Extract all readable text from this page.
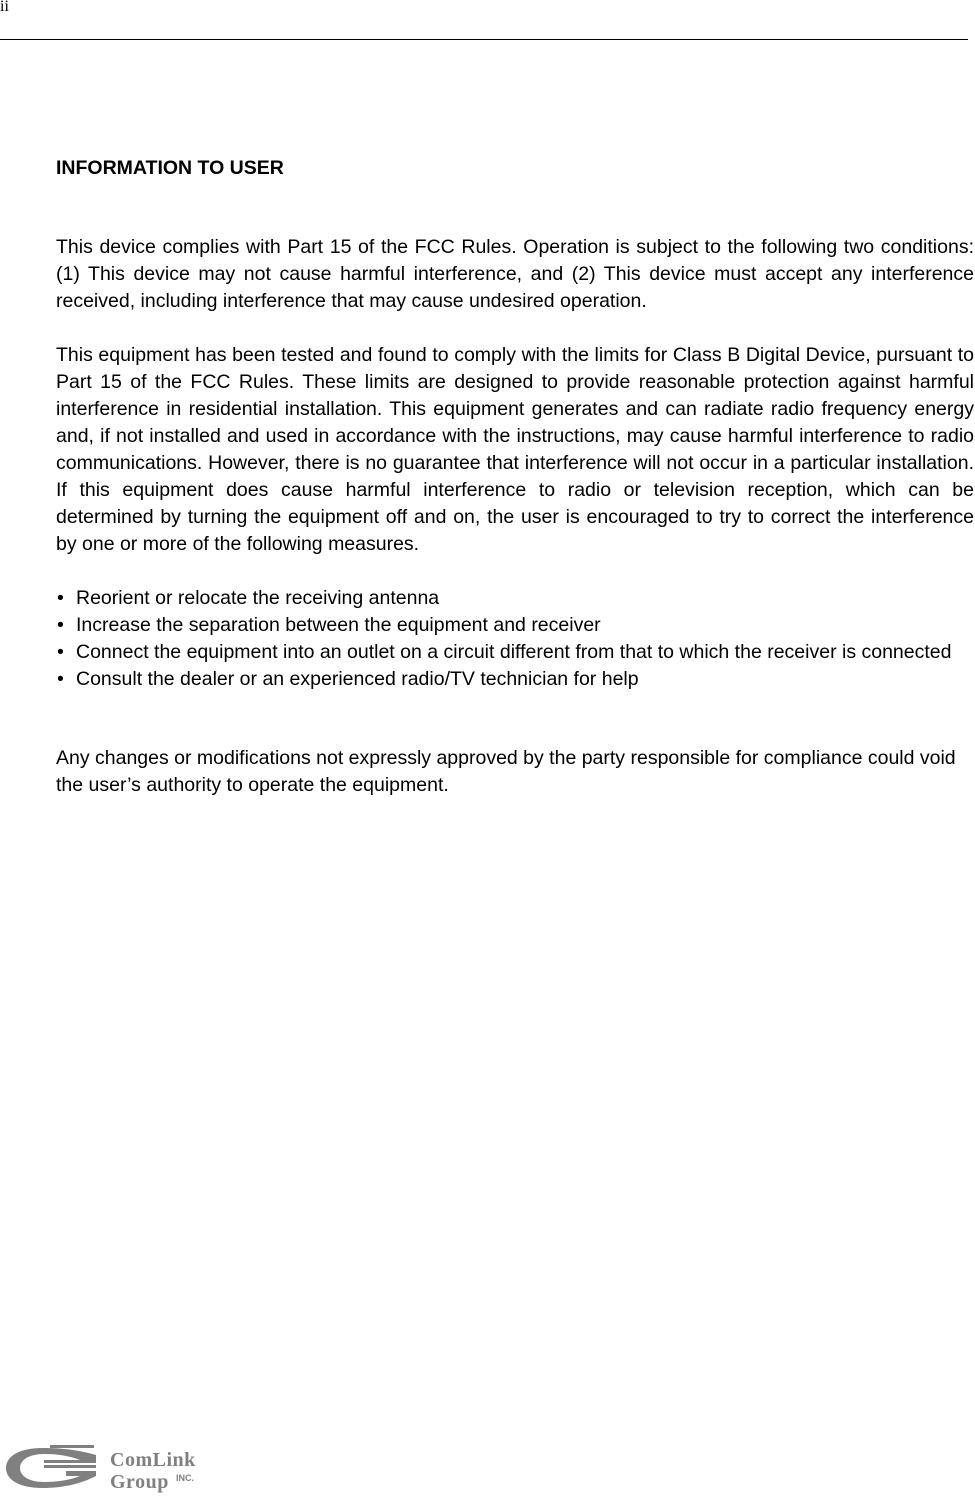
ii
INFORMATION TO USER

This device complies with Part 15 of the FCC Rules. Operation is subject to the following two conditions: (1) This device may not cause harmful interference, and (2) This device must accept any interference received, including interference that may cause undesired operation.

This equipment has been tested and found to comply with the limits for Class B Digital Device, pursuant to Part 15 of the FCC Rules. These limits are designed to provide reasonable protection against harmful interference in residential installation. This equipment generates and can radiate radio frequency energy and, if not installed and used in accordance with the instructions, may cause harmful interference to radio communications. However, there is no guarantee that interference will not occur in a particular installation. If this equipment does cause harmful interference to radio or television reception, which can be determined by turning the equipment off and on, the user is encouraged to try to correct the interference by one or more of the following measures.

• Reorient or relocate the receiving antenna
• Increase the separation between the equipment and receiver
• Connect the equipment into an outlet on a circuit different from that to which the receiver is connected
• Consult the dealer or an experienced radio/TV technician for help

Any changes or modifications not expressly approved by the party responsible for compliance could void the user’s authority to operate the equipment.

ComLink
Group INC.
